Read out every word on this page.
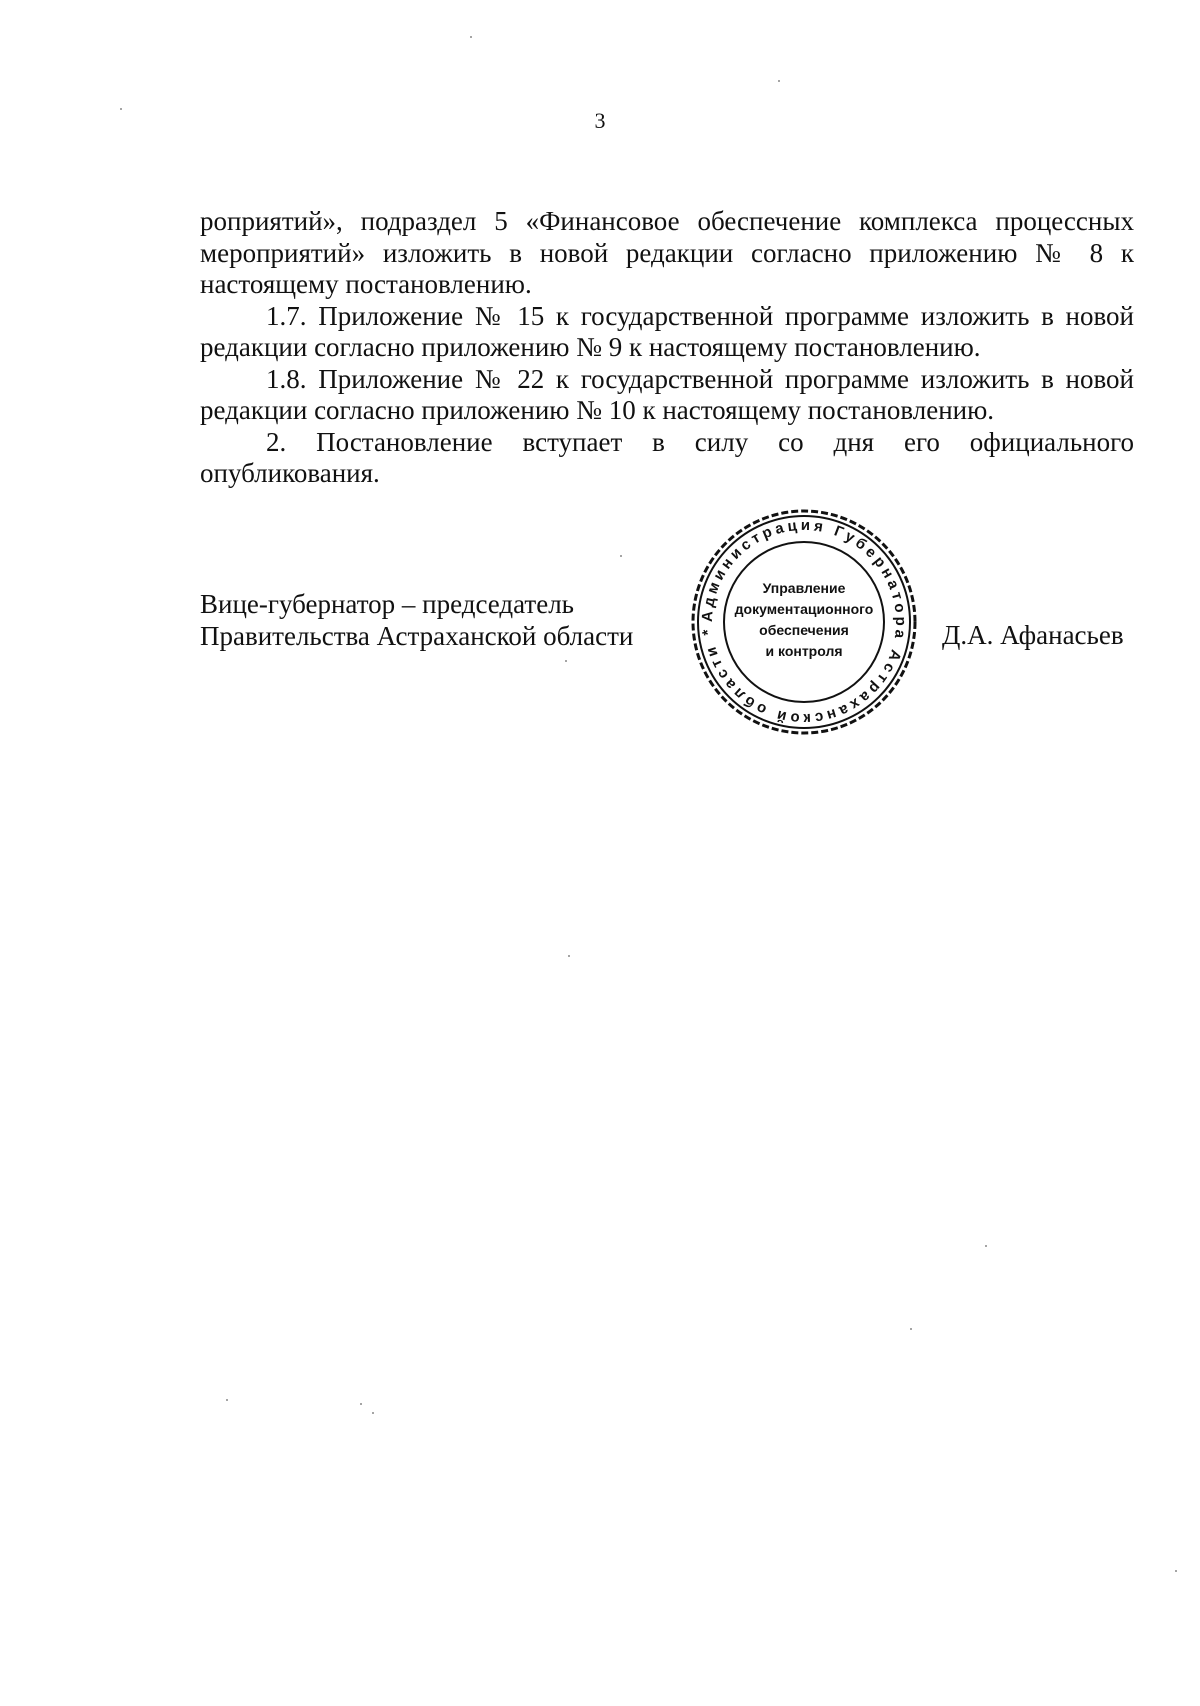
3

роприятий», подраздел 5 «Финансовое обеспечение комплекса процессных мероприятий» изложить в новой редакции согласно приложению № 8 к настоящему постановлению.

1.7. Приложение № 15 к государственной программе изложить в новой редакции согласно приложению № 9 к настоящему постановлению.

1.8. Приложение № 22 к государственной программе изложить в новой редакции согласно приложению № 10 к настоящему постановлению.

2. Постановление вступает в силу со дня его официального опубликования.

Вице-губернатор – председатель
Правительства Астраханской области
Администрация Губернатора Астраханской области *
Управление
документационного
обеспечения
и контроля
Д.А. Афанасьев
